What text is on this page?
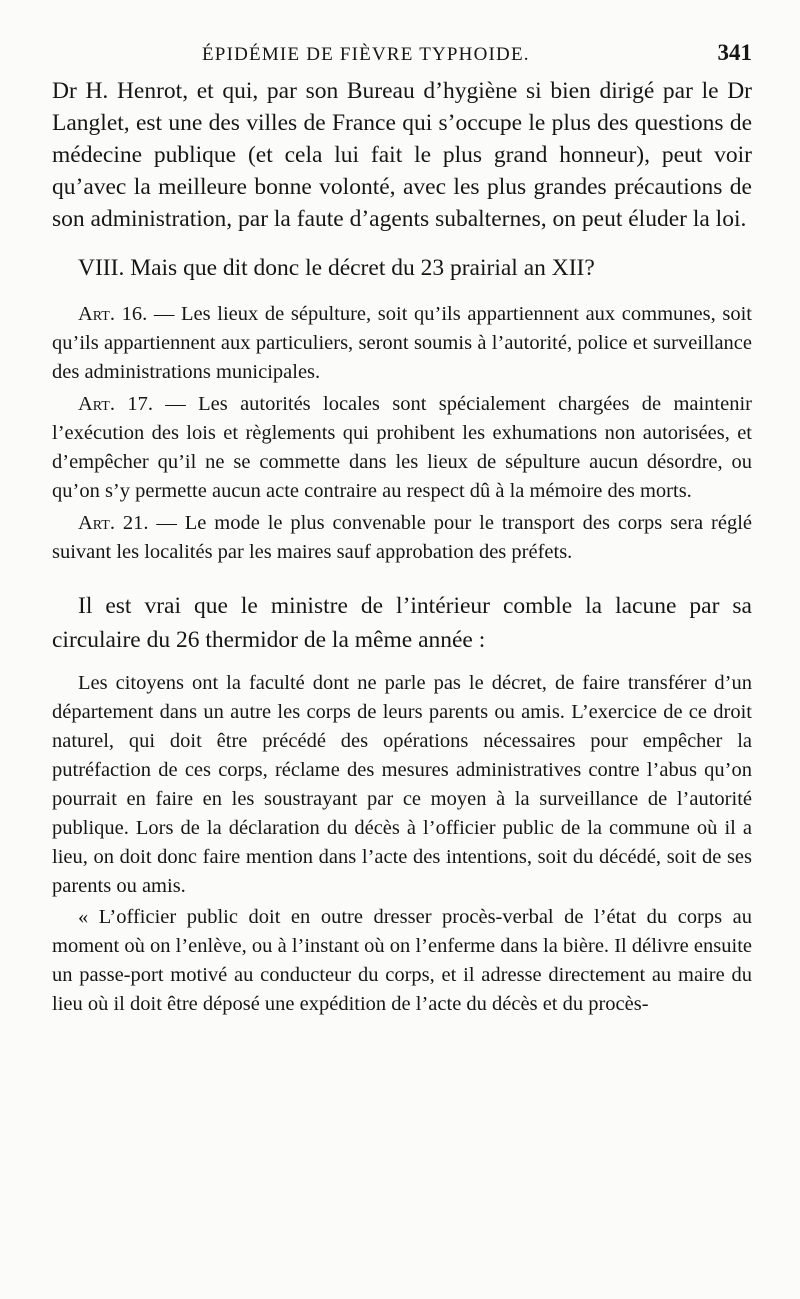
ÉPIDÉMIE DE FIÈVRE TYPHOIDE.	341

Dr H. Henrot, et qui, par son Bureau d’hygiène si bien dirigé par le Dr Langlet, est une des villes de France qui s’occupe le plus des questions de médecine publique (et cela lui fait le plus grand honneur), peut voir qu’avec la meilleure bonne volonté, avec les plus grandes précautions de son administration, par la faute d’agents subalternes, on peut éluder la loi.

VIII. Mais que dit donc le décret du 23 prairial an XII?

Art. 16. — Les lieux de sépulture, soit qu’ils appartiennent aux communes, soit qu’ils appartiennent aux particuliers, seront soumis à l’autorité, police et surveillance des administrations municipales.

Art. 17. — Les autorités locales sont spécialement chargées de maintenir l’exécution des lois et règlements qui prohibent les exhumations non autorisées, et d’empêcher qu’il ne se commette dans les lieux de sépulture aucun désordre, ou qu’on s’y permette aucun acte contraire au respect dû à la mémoire des morts.

Art. 21. — Le mode le plus convenable pour le transport des corps sera réglé suivant les localités par les maires sauf approbation des préfets.

Il est vrai que le ministre de l’intérieur comble la lacune par sa circulaire du 26 thermidor de la même année :

Les citoyens ont la faculté dont ne parle pas le décret, de faire transférer d’un département dans un autre les corps de leurs parents ou amis. L’exercice de ce droit naturel, qui doit être précédé des opérations nécessaires pour empêcher la putréfaction de ces corps, réclame des mesures administratives contre l’abus qu’on pourrait en faire en les soustrayant par ce moyen à la surveillance de l’autorité publique. Lors de la déclaration du décès à l’officier public de la commune où il a lieu, on doit donc faire mention dans l’acte des intentions, soit du décédé, soit de ses parents ou amis.

« L’officier public doit en outre dresser procès-verbal de l’état du corps au moment où on l’enlève, ou à l’instant où on l’enferme dans la bière. Il délivre ensuite un passe-port motivé au conducteur du corps, et il adresse directement au maire du lieu où il doit être déposé une expédition de l’acte du décès et du procès-
